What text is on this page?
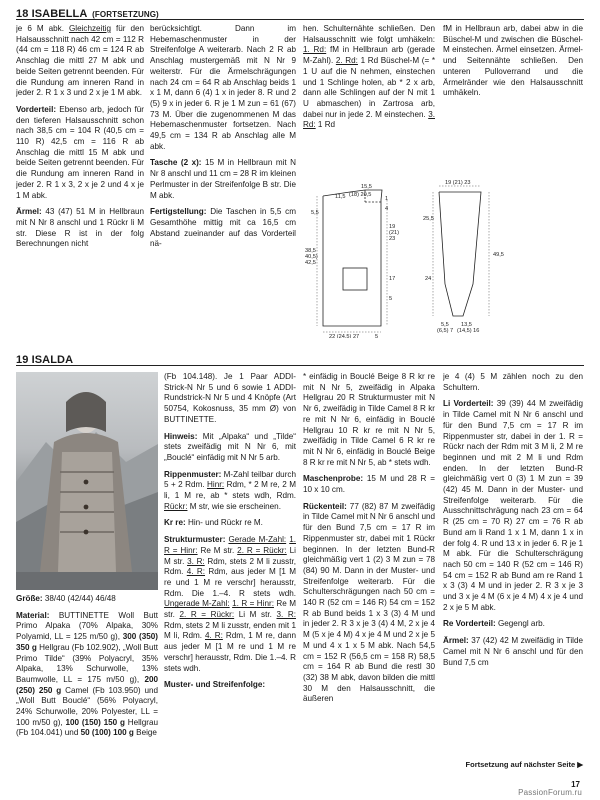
18 ISABELLA (FORTSETZUNG)

je 6 M abk. Gleichzeitig für den Halsausschnitt nach 42 cm = 112 R (44 cm = 118 R) 46 cm = 124 R ab Anschlag die mittl 27 M abk und beide Seiten getrennt beenden. Für die Rundung am inneren Rand in jeder 2. R 1 x 3 und 2 x je 1 M abk.

Vorderteil: Ebenso arb, jedoch für den tieferen Halsausschnitt schon nach 38,5 cm = 104 R (40,5 cm = 110 R) 42,5 cm = 116 R ab Anschlag die mittl 15 M abk und beide Seiten getrennt beenden. Für die Rundung am inneren Rand in jeder 2. R 1 x 3, 2 x je 2 und 4 x je 1 M abk.

Ärmel: 43 (47) 51 M in Hellbraun mit N Nr 8 anschl und 1 Rückr li M str. Diese R ist in der folg Berechnungen nicht

berücksichtigt. Dann im Hebemaschenmuster in der Streifenfolge A weiterarb. Nach 2 R ab Anschlag mustergemäß mit N Nr 9 weiterstr. Für die Ärmelschrägungen nach 24 cm = 64 R ab Anschlag beids 1 x 1 M, dann 6 (4) 1 x in jeder 8. R und 2 (5) 9 x in jeder 6. R je 1 M zun = 61 (67) 73 M. Über die zugenommenen M das Hebemaschenmuster fortsetzen. Nach 49,5 cm = 134 R ab Anschlag alle M abk.

Tasche (2 x): 15 M in Hellbraun mit N Nr 8 anschl und 11 cm = 28 R im kleinen Perlmuster in der Streifenfolge B str. Die M abk.

Fertigstellung: Die Taschen in 5,5 cm Gesamthöhe mittig mit ca 16,5 cm Abstand zueinander auf das Vorderteil nä-

hen. Schulternähte schließen. Den Halsausschnitt wie folgt umhäkeln: 1. Rd: fM in Hellbraun arb (gerade M-Zahl). 2. Rd: 1 Rd Büschel-M (= * 1 U auf die N nehmen, einstechen und 1 Schlinge holen, ab * 2 x arb, dann alle Schlingen auf der N mit 1 U abmaschen) in Zartrosa arb, dabei nur in jede 2. M einstechen. 3. Rd: 1 Rd

fM in Hellbraun arb, dabei abw in die Büschel-M und zwischen die Büschel-M einstechen. Ärmel einsetzen. Ärmel- und Seitennähte schließen. Den unteren Pulloverrand und die Ärmelränder wie den Halsausschnitt umhäkeln.

11,5
15,5
(18) 20,5
1
4
5,5
19
(21)
23
38,5
40,5)
42,5
17
5
22 (24,5) 27	5
19 (21) 23
25,5
49,5
24
5,5
(6,5) 7
13,5
(14,5) 16
19 ISALDA

Größe: 38/40 (42/44) 46/48

Material: BUTTINETTE Woll Butt Primo Alpaka (70% Alpaka, 30% Polyamid, LL = 125 m/50 g), 300 (350) 350 g Hellgrau (Fb 102.902), „Woll Butt Primo Tilde“ (39% Polyacryl, 35% Alpaka, 13% Schurwolle, 13% Baumwolle, LL = 175 m/50 g), 200 (250) 250 g Camel (Fb 103.950) und „Woll Butt Bouclé“ (56% Polyacryl, 24% Schurwolle, 20% Polyester, LL = 100 m/50 g), 100 (150) 150 g Hellgrau (Fb 104.041) und 50 (100) 100 g Beige

(Fb 104.148). Je 1 Paar ADDI-Strick-N Nr 5 und 6 sowie 1 ADDI-Rundstrick-N Nr 5 und 4 Knöpfe (Art 50754, Kokosnuss, 35 mm Ø) von BUTTINETTE.

Hinweis: Mit „Alpaka“ und „Tilde“ stets zweifädig mit N Nr 6, mit „Bouclé“ einfädig mit N Nr 5 arb.

Rippenmuster: M-Zahl teilbar durch 5 + 2 Rdm. Hinr: Rdm, * 2 M re, 2 M li, 1 M re, ab * stets wdh, Rdm. Rückr: M str, wie sie erscheinen.

Kr re: Hin- und Rückr re M.

Strukturmuster: Gerade M-Zahl: 1. R = Hinr: Re M str. 2. R = Rückr: Li M str. 3. R: Rdm, stets 2 M li zusstr, Rdm. 4. R: Rdm, aus jeder M [1 M re und 1 M re verschr] herausstr, Rdm. Die 1.–4. R stets wdh. Ungerade M-Zahl: 1. R = Hinr: Re M str. 2. R = Rückr: Li M str. 3. R: Rdm, stets 2 M li zusstr, enden mit 1 M li, Rdm. 4. R: Rdm, 1 M re, dann aus jeder M [1 M re und 1 M re verschr] herausstr, Rdm. Die 1.–4. R stets wdh.

Muster- und Streifenfolge:

* einfädig in Bouclé Beige 8 R kr re mit N Nr 5, zweifädig in Alpaka Hellgrau 20 R Strukturmuster mit N Nr 6, zweifädig in Tilde Camel 8 R kr re mit N Nr 6, einfädig in Bouclé Hellgrau 10 R kr re mit N Nr 5, zweifädig in Tilde Camel 6 R kr re mit N Nr 6, einfädig in Bouclé Beige 8 R kr re mit N Nr 5, ab * stets wdh.

Maschenprobe: 15 M und 28 R = 10 x 10 cm.

Rückenteil: 77 (82) 87 M zweifädig in Tilde Camel mit N Nr 6 anschl und für den Bund 7,5 cm = 17 R im Rippenmuster str, dabei mit 1 Rückr beginnen. In der letzten Bund-R gleichmäßig vert 1 (2) 3 M zun = 78 (84) 90 M. Dann in der Muster- und Streifenfolge weiterarb. Für die Schulterschrägungen nach 50 cm = 140 R (52 cm = 146 R) 54 cm = 152 R ab Bund beids 1 x 3 (3) 4 M und in jeder 2. R 3 x je 3 (4) 4 M, 2 x je 4 M (5 x je 4 M) 4 x je 4 M und 2 x je 5 M und 4 x 1 x 5 M abk. Nach 54,5 cm = 152 R (56,5 cm = 158 R) 58,5 cm = 164 R ab Bund die restl 30 (32) 38 M abk, davon bilden die mittl 30 M den Halsausschnitt, die äußeren

je 4 (4) 5 M zählen noch zu den Schultern.

Li Vorderteil: 39 (39) 44 M zweifädig in Tilde Camel mit N Nr 6 anschl und für den Bund 7,5 cm = 17 R im Rippenmuster str, dabei in der 1. R = Rückr nach der Rdm mit 3 M li, 2 M re beginnen und mit 2 M li und Rdm enden. In der letzten Bund-R gleichmäßig vert 0 (3) 1 M zun = 39 (42) 45 M. Dann in der Muster- und Streifenfolge weiterarb. Für die Ausschnittschrägung nach 23 cm = 64 R (25 cm = 70 R) 27 cm = 76 R ab Bund am li Rand 1 x 1 M, dann 1 x in der folg 4. R und 13 x in jeder 6. R je 1 M abk. Für die Schulterschrägung nach 50 cm = 140 R (52 cm = 146 R) 54 cm = 152 R ab Bund am re Rand 1 x 3 (3) 4 M und in jeder 2. R 3 x je 3 und 3 x je 4 M (6 x je 4 M) 4 x je 4 und 2 x je 5 M abk.

Re Vorderteil: Gegengl arb.

Ärmel: 37 (42) 42 M zweifädig in Tilde Camel mit N Nr 6 anschl und für den Bund 7,5 cm

Fortsetzung auf nächster Seite ▶
17
PassionForum.ru
